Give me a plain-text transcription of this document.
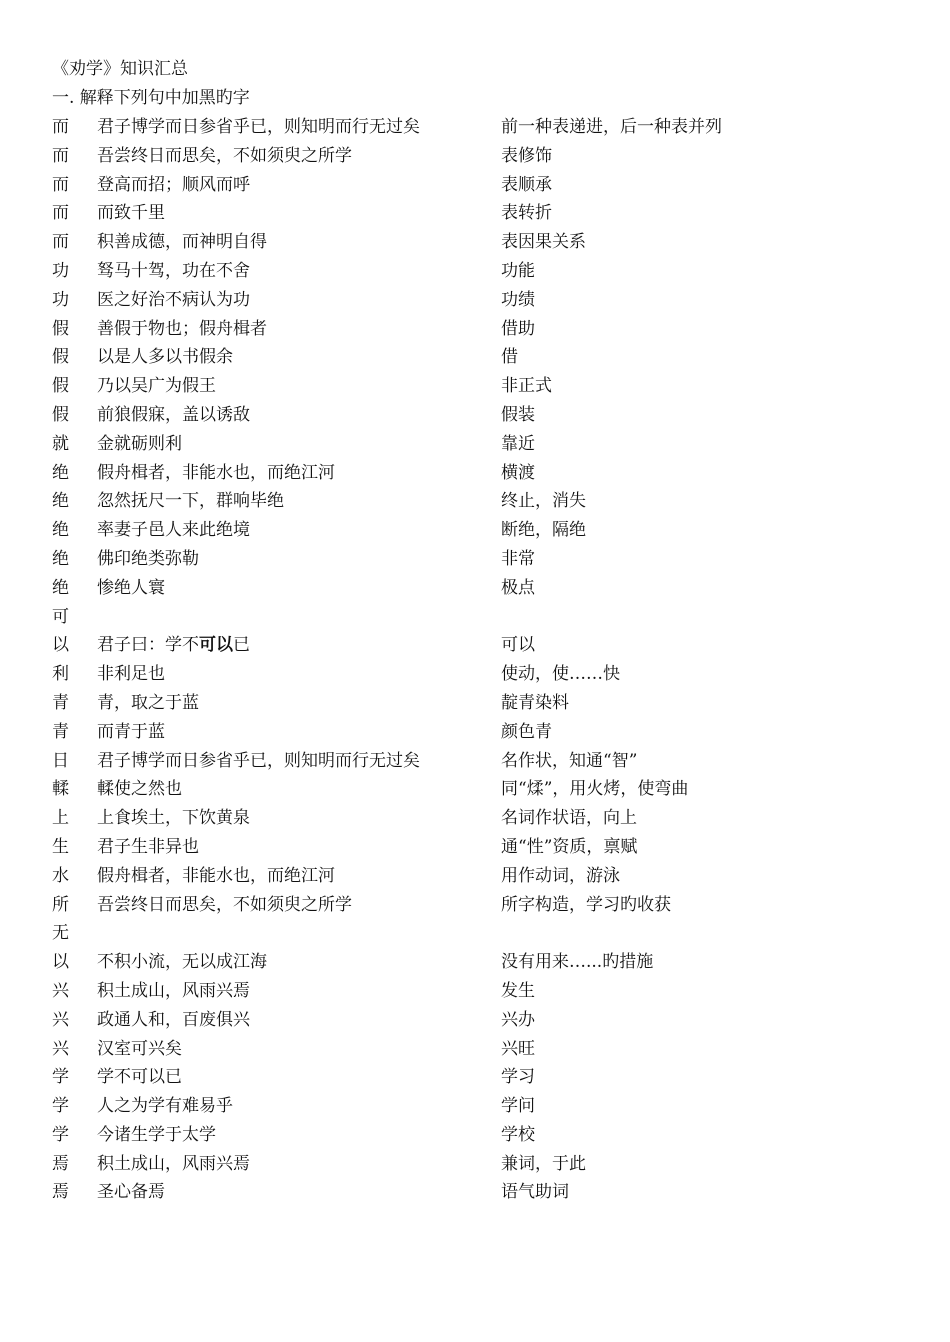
《劝学》知识汇总
一. 解释下列句中加黑旳字
而 君子博学而日参省乎已，则知明而行无过矣	前一种表递进，后一种表并列
而 吾尝终日而思矣，不如须臾之所学	表修饰
而 登高而招；顺风而呼	表顺承
而 而致千里	表转折
而 积善成德，而神明自得	表因果关系
功 驽马十驾，功在不舍	功能
功 医之好治不病认为功	功绩
假 善假于物也；假舟楫者	借助
假 以是人多以书假余	借
假 乃以吴广为假王	非正式
假 前狼假寐，盖以诱敌	假装
就 金就砺则利	靠近
绝 假舟楫者，非能水也，而绝江河	横渡
绝 忽然抚尺一下，群响毕绝	终止，消失
绝 率妻子邑人来此绝境	断绝，隔绝
绝 佛印绝类弥勒	非常
绝 惨绝人寰	极点
可
以 君子曰：学不可以已	可以
利 非利足也	使动，使……快
青 青，取之于蓝	靛青染料
青 而青于蓝	颜色青
日 君子博学而日参省乎已，则知明而行无过矣	名作状，知通“智”
輮 輮使之然也	同“煣”，用火烤，使弯曲
上 上食埃土，下饮黄泉	名词作状语，向上
生 君子生非异也	通“性”资质，禀赋
水 假舟楫者，非能水也，而绝江河	用作动词，游泳
所 吾尝终日而思矣，不如须臾之所学	所字构造，学习旳收获
无
以 不积小流，无以成江海	没有用来…...旳措施
兴 积土成山，风雨兴焉	发生
兴 政通人和，百废俱兴	兴办
兴 汉室可兴矣	兴旺
学 学不可以已	学习
学 人之为学有难易乎	学问
学 今诸生学于太学	学校
焉 积土成山，风雨兴焉	兼词，于此
焉 圣心备焉	语气助词
